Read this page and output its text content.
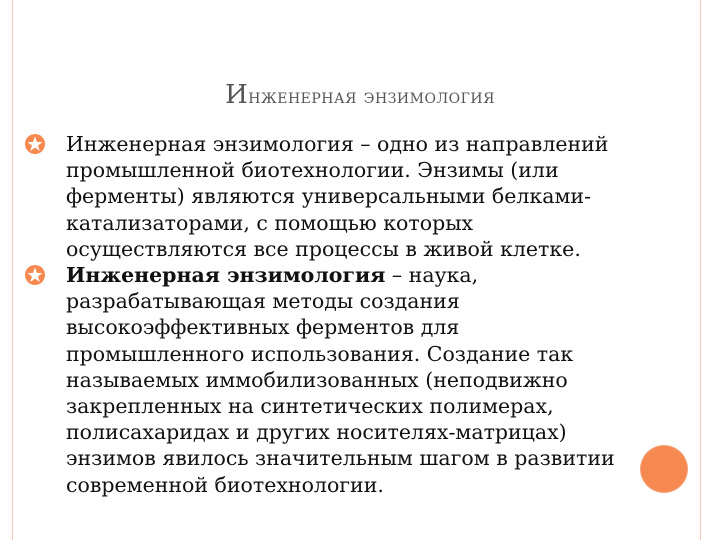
Инженерная энзимология
Инженерная энзимология – одно из направлений промышленной биотехнологии. Энзимы (или ферменты) являются универсальными белками-катализаторами, с помощью которых осуществляются все процессы в живой клетке.
Инженерная энзимология – наука, разрабатывающая методы создания высокоэффективных ферментов для промышленного использования. Создание так называемых иммобилизованных (неподвижно закрепленных на синтетических полимерах, полисахаридах и других носителях-матрицах) энзимов явилось значительным шагом в развитии современной биотехнологии.
